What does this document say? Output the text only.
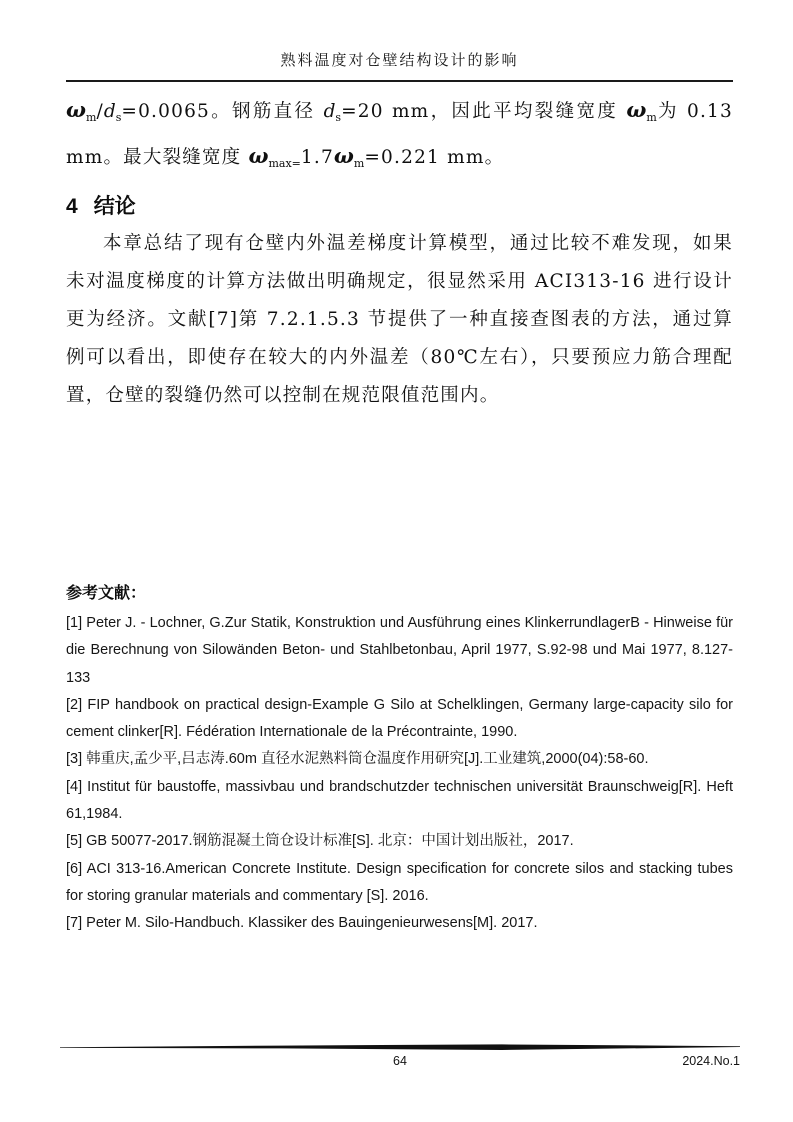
熟料温度对仓壁结构设计的影响
$\omega_m/d_s=0.0065$。钢筋直径 $d_s=20$ mm，因此平均裂缝宽度 $\omega_m$为 0.13 mm。最大裂缝宽度 $\omega_{max=}1.7\omega_m=0.221$ mm。
4 结论
本章总结了现有仓壁内外温差梯度计算模型，通过比较不难发现，如果未对温度梯度的计算方法做出明确规定，很显然采用 ACI313-16 进行设计更为经济。文献[7]第 7.2.1.5.3 节提供了一种直接查图表的方法，通过算例可以看出，即使存在较大的内外温差（80℃左右），只要预应力筋合理配置，仓壁的裂缝仍然可以控制在规范限值范围内。
参考文献：

[1] Peter J. - Lochner, G.Zur Statik, Konstruktion und Ausführung eines KlinkerrundlagerB - Hinweise für die Berechnung von Silowänden Beton- und Stahlbetonbau, April 1977, S.92-98 und Mai 1977, 8.127-133

[2] FIP handbook on practical design-Example G Silo at Schelklingen, Germany large-capacity silo for cement clinker[R]. Fédération Internationale de la Précontrainte, 1990.

[3] 韩重庆,孟少平,吕志涛.60m 直径水泥熟料筒仓温度作用研究[J].工业建筑,2000(04):58-60.

[4] Institut für baustoffe, massivbau und brandschutzder technischen universität Braunschweig[R]. Heft 61,1984.

[5] GB 50077-2017.钢筋混凝土筒仓设计标准[S]. 北京：中国计划出版社，2017.

[6] ACI 313-16.American Concrete Institute. Design specification for concrete silos and stacking tubes for storing granular materials and commentary [S]. 2016.

[7] Peter M. Silo-Handbuch. Klassiker des Bauingenieurwesens[M]. 2017.

64	2024.No.1
